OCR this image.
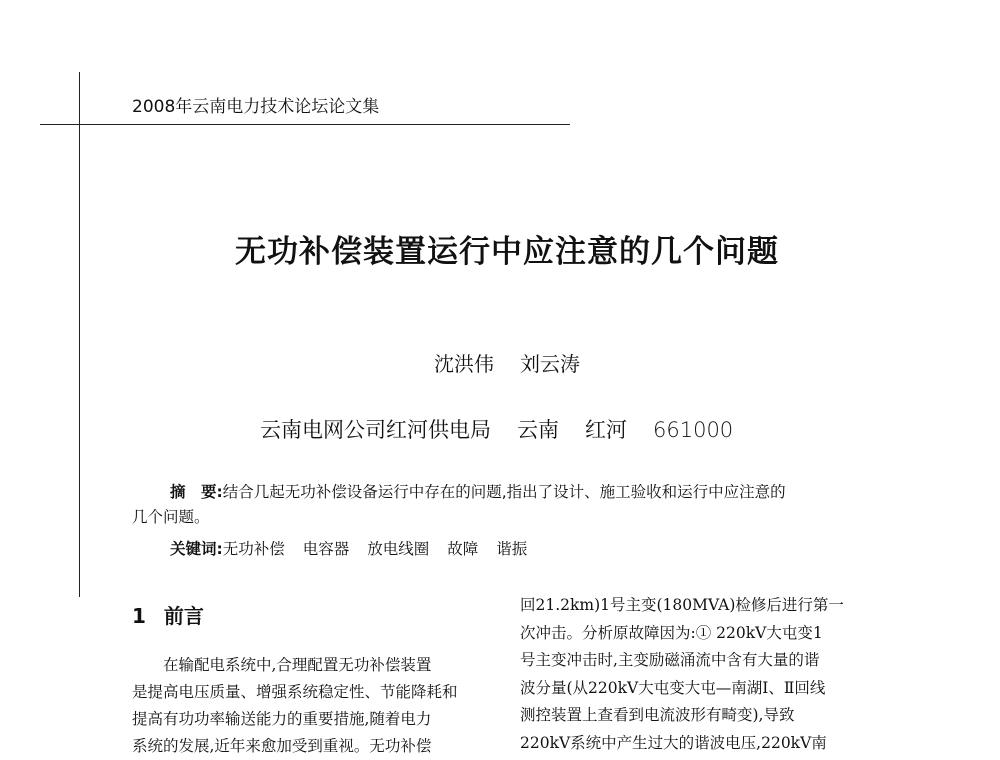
2008年云南电力技术论坛论文集
无功补偿装置运行中应注意的几个问题
沈洪伟 刘云涛
云南电网公司红河供电局 云南 红河 661000
摘　要:结合几起无功补偿设备运行中存在的问题,指出了设计、施工验收和运行中应注意的
几个问题。
关键词:无功补偿 电容器 放电线圈 故障 谐振
1 前言
在输配电系统中,合理配置无功补偿装置
是提高电压质量、增强系统稳定性、节能降耗和
提高有功功率输送能力的重要措施,随着电力
系统的发展,近年来愈加受到重视。无功补偿
回21.2km)1号主变(180MVA)检修后进行第一
次冲击。分析原故障因为:① 220kV大屯变1
号主变冲击时,主变励磁涌流中含有大量的谐
波分量(从220kV大屯变大屯—南湖Ⅰ、Ⅱ回线
测控装置上查看到电流波形有畸变),导致
220kV系统中产生过大的谐波电压,220kV南
